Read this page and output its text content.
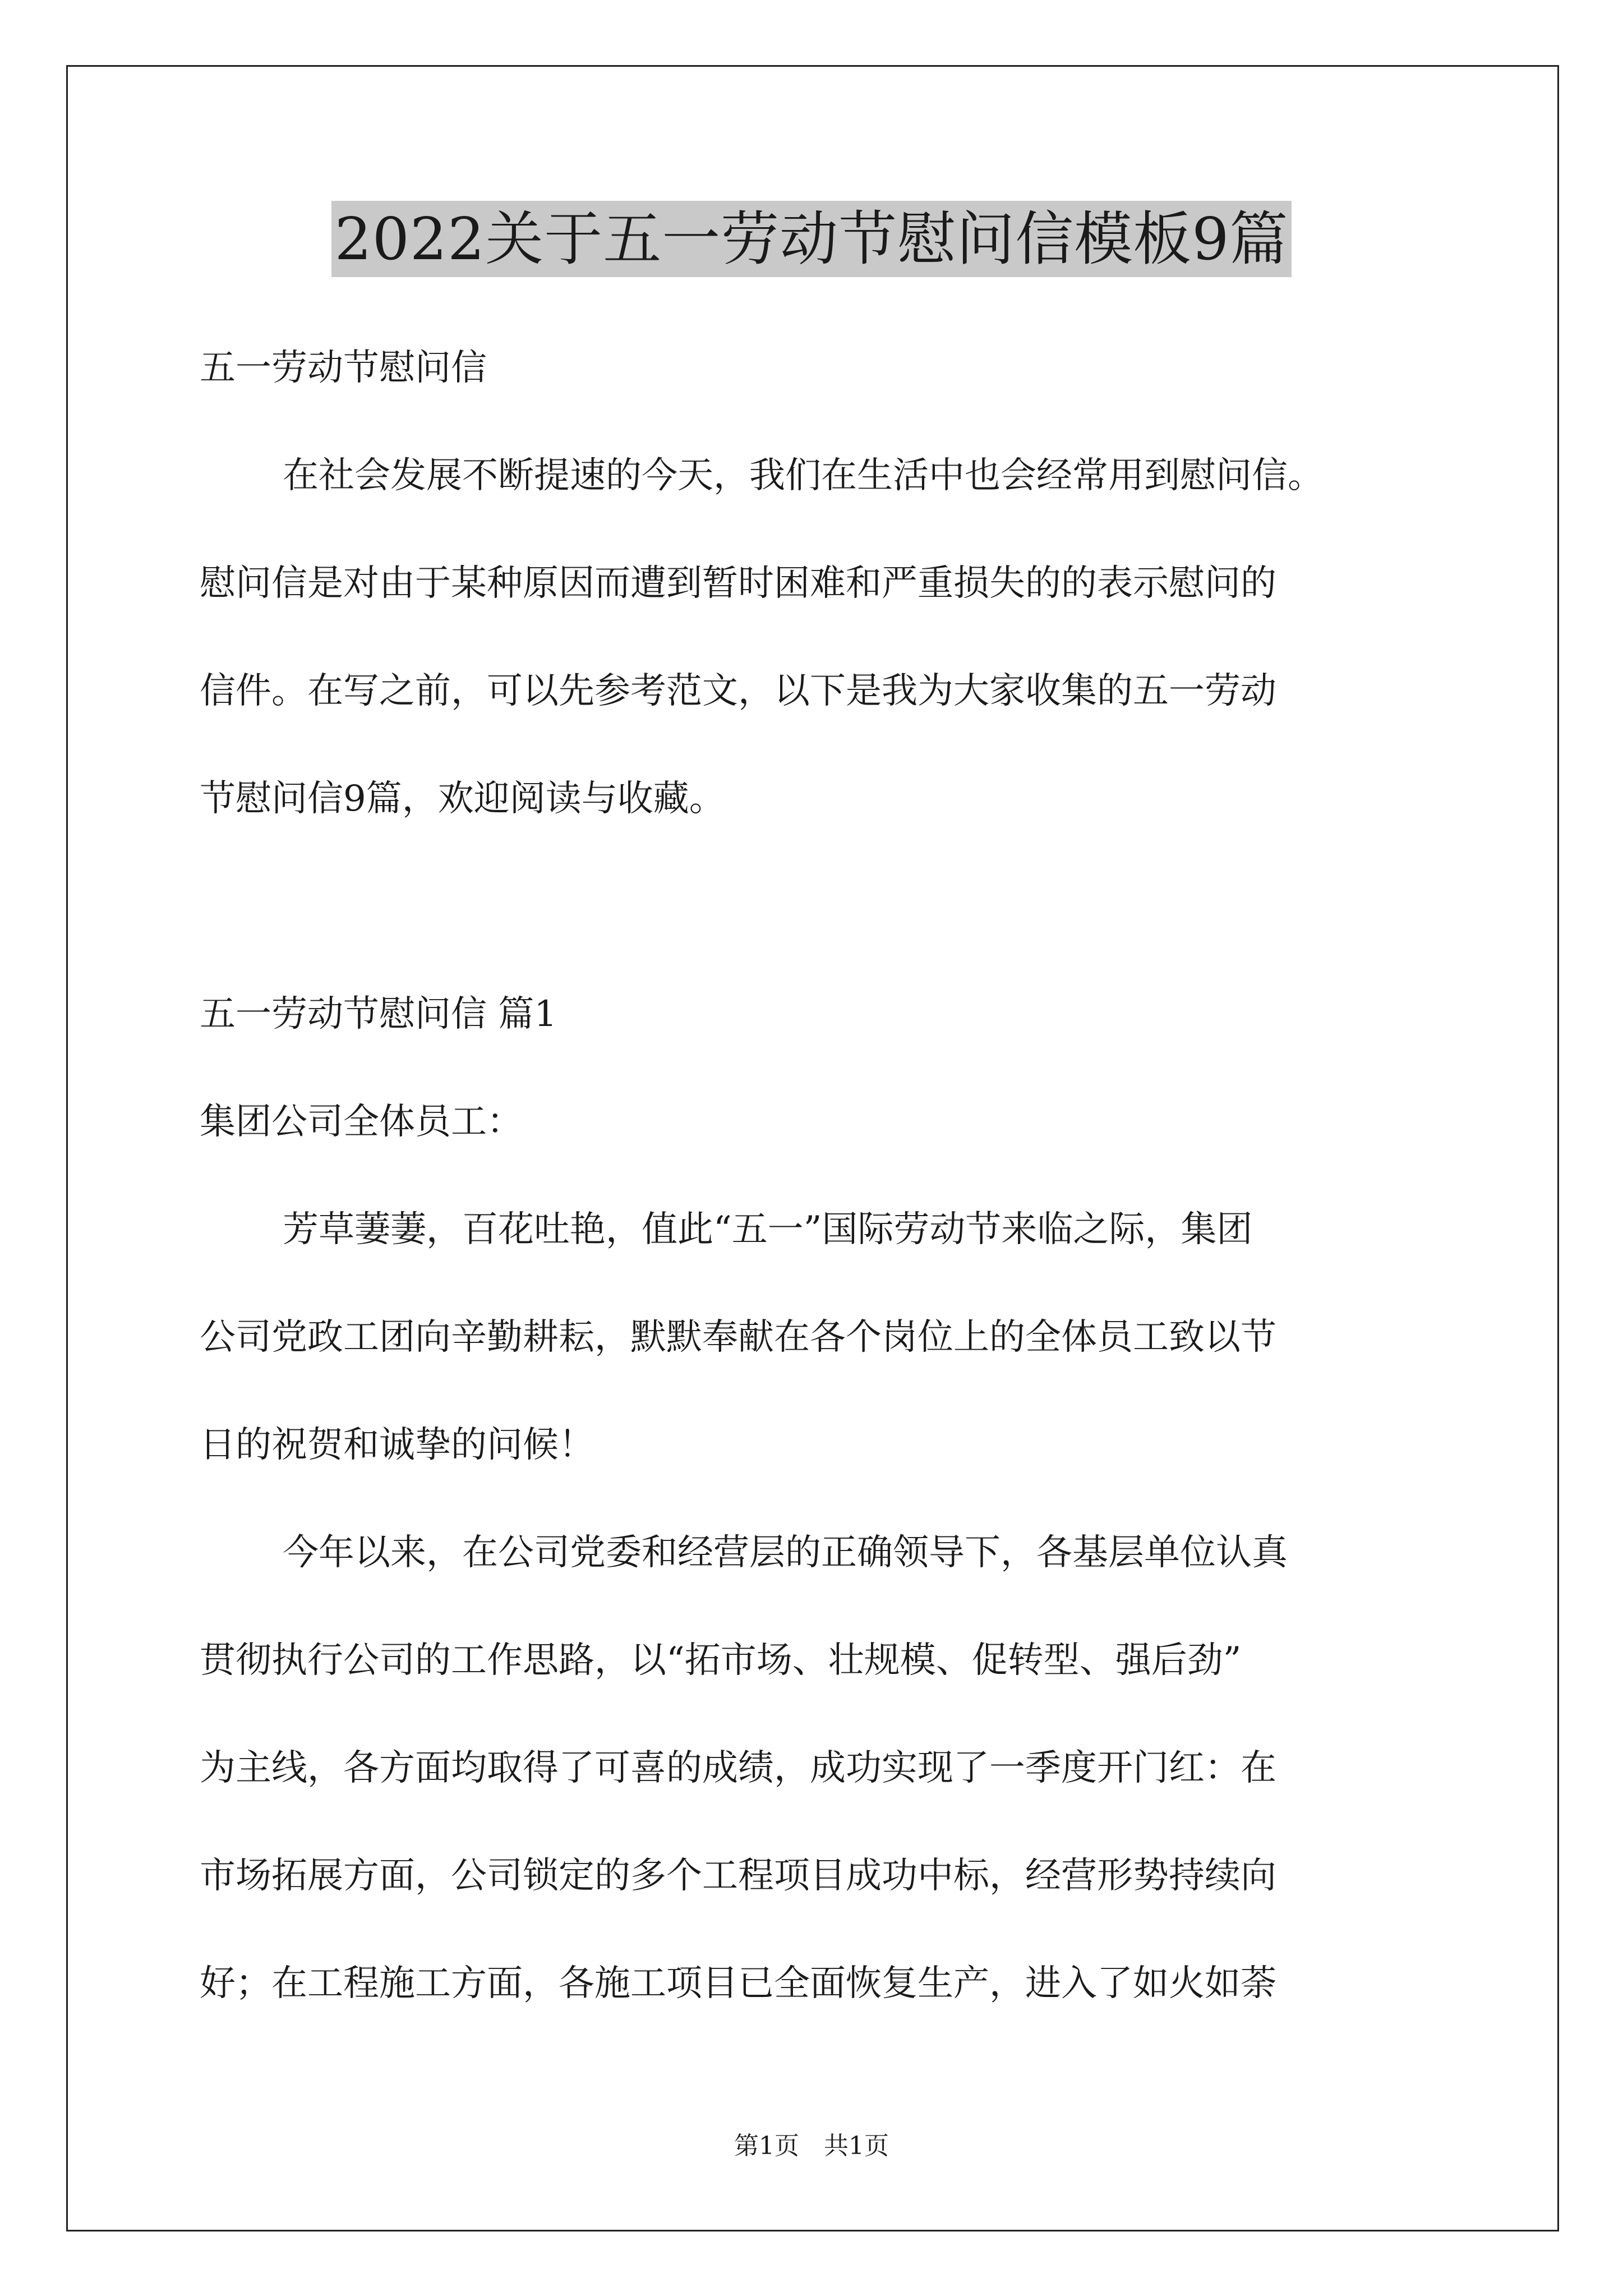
2022关于五一劳动节慰问信模板9篇
五一劳动节慰问信
在社会发展不断提速的今天，我们在生活中也会经常用到慰问信。
慰问信是对由于某种原因而遭到暂时困难和严重损失的的表示慰问的
信件。在写之前，可以先参考范文，以下是我为大家收集的五一劳动
节慰问信9篇，欢迎阅读与收藏。
五一劳动节慰问信 篇1
集团公司全体员工：
芳草萋萋，百花吐艳，值此“五一”国际劳动节来临之际，集团
公司党政工团向辛勤耕耘，默默奉献在各个岗位上的全体员工致以节
日的祝贺和诚挚的问候！
今年以来，在公司党委和经营层的正确领导下，各基层单位认真
贯彻执行公司的工作思路，以“拓市场、壮规模、促转型、强后劲”
为主线，各方面均取得了可喜的成绩，成功实现了一季度开门红：在
市场拓展方面，公司锁定的多个工程项目成功中标，经营形势持续向
好；在工程施工方面，各施工项目已全面恢复生产，进入了如火如荼
第1页　共1页
